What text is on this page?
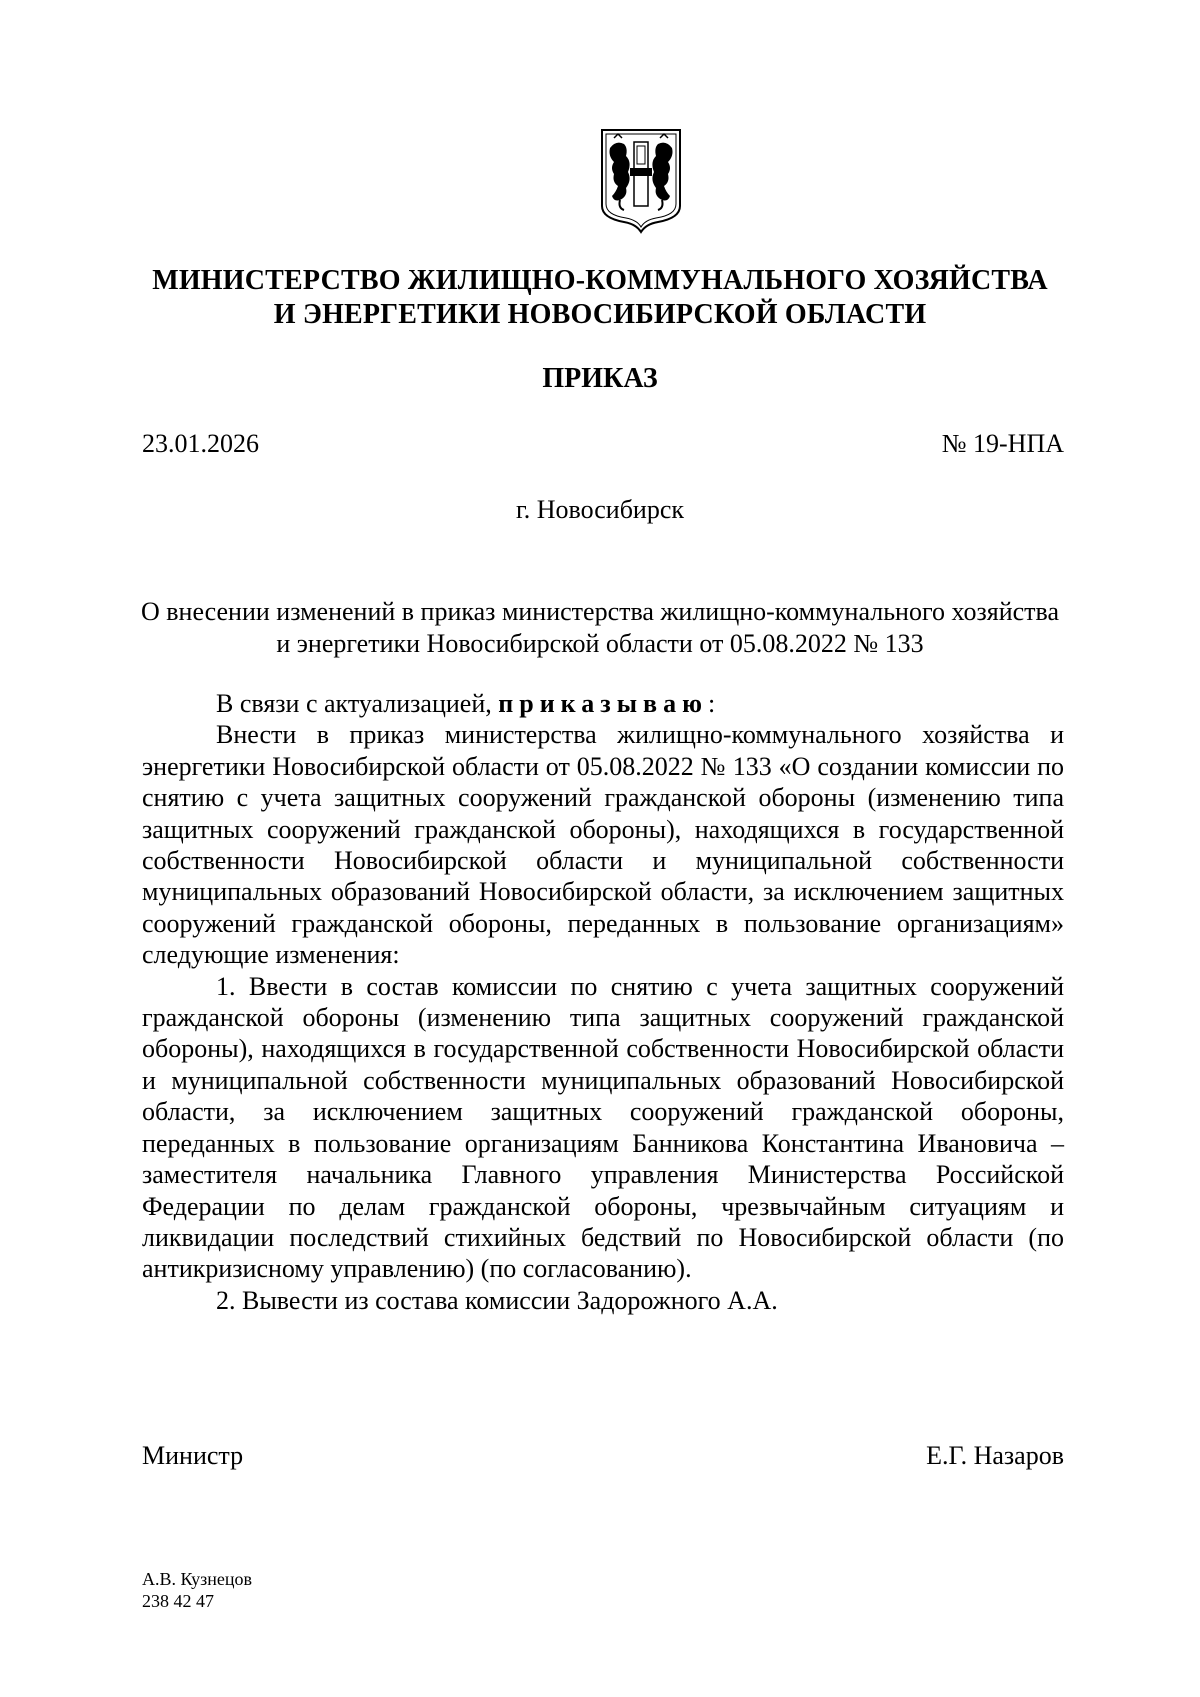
МИНИСТЕРСТВО ЖИЛИЩНО-КОММУНАЛЬНОГО ХОЗЯЙСТВА И ЭНЕРГЕТИКИ НОВОСИБИРСКОЙ ОБЛАСТИ
ПРИКАЗ
23.01.2026	№ 19-НПА
г. Новосибирск
О внесении изменений в приказ министерства жилищно-коммунального хозяйства и энергетики Новосибирской области от 05.08.2022 № 133

В связи с актуализацией, приказываю:

Внести в приказ министерства жилищно-коммунального хозяйства и энергетики Новосибирской области от 05.08.2022 № 133 «О создании комиссии по снятию с учета защитных сооружений гражданской обороны (изменению типа защитных сооружений гражданской обороны), находящихся в государственной собственности Новосибирской области и муниципальной собственности муниципальных образований Новосибирской области, за исключением защитных сооружений гражданской обороны, переданных в пользование организациям» следующие изменения:

1. Ввести в состав комиссии по снятию с учета защитных сооружений гражданской обороны (изменению типа защитных сооружений гражданской обороны), находящихся в государственной собственности Новосибирской области и муниципальной собственности муниципальных образований Новосибирской области, за исключением защитных сооружений гражданской обороны, переданных в пользование организациям Банникова Константина Ивановича – заместителя начальника Главного управления Министерства Российской Федерации по делам гражданской обороны, чрезвычайным ситуациям и ликвидации последствий стихийных бедствий по Новосибирской области (по антикризисному управлению) (по согласованию).

2. Вывести из состава комиссии Задорожного А.А.

Министр	Е.Г. Назаров
А.В. Кузнецов
238 42 47
